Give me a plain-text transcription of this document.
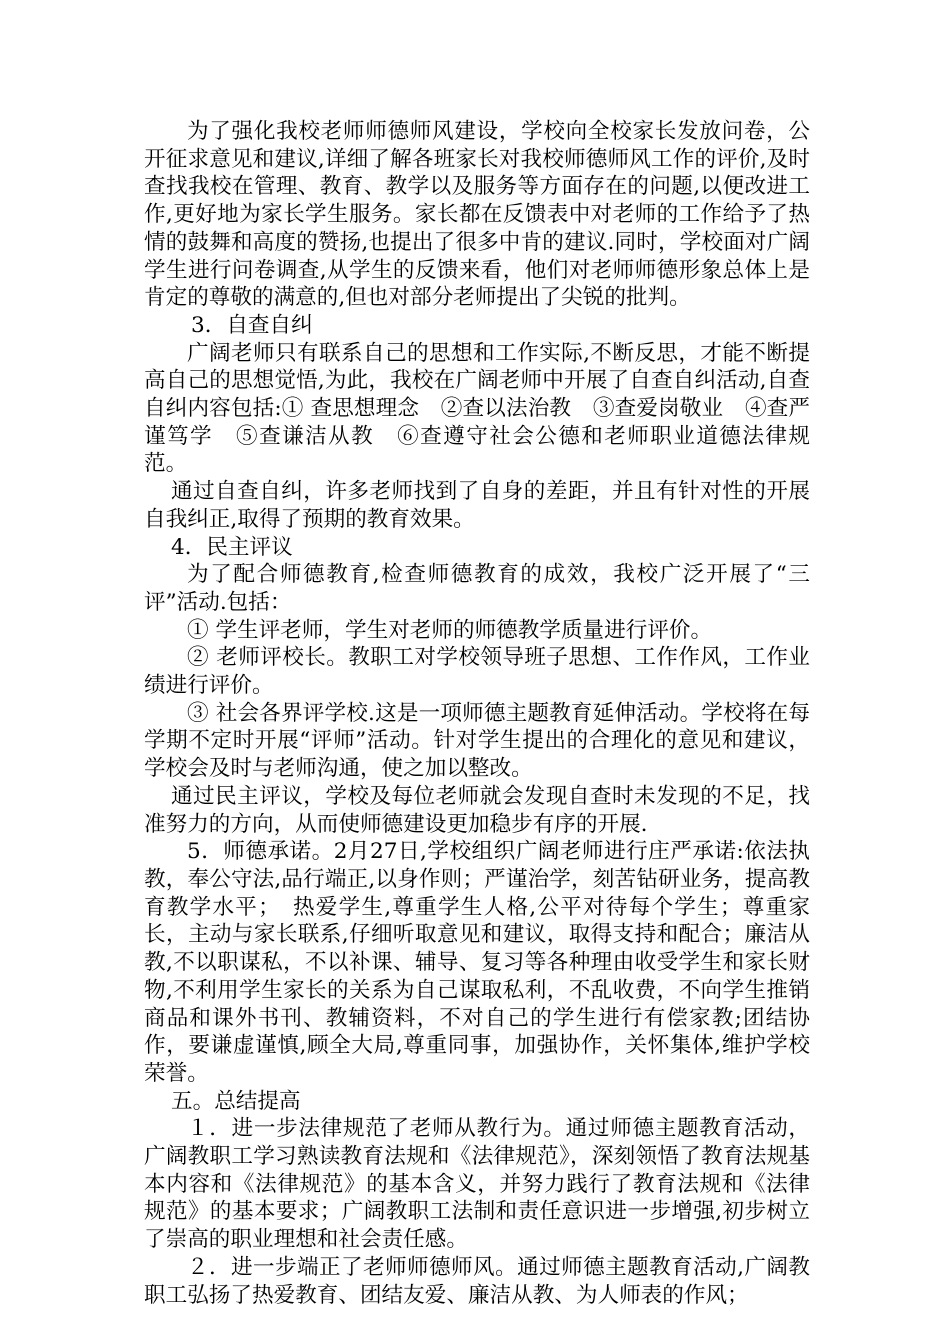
为了强化我校老师师德师风建设，学校向全校家长发放问卷，公开征求意见和建议,详细了解各班家长对我校师德师风工作的评价,及时查找我校在管理、教育、教学以及服务等方面存在的问题,以便改进工作,更好地为家长学生服务。家长都在反馈表中对老师的工作给予了热情的鼓舞和高度的赞扬,也提出了很多中肯的建议.同时，学校面对广阔学生进行问卷调查,从学生的反馈来看，他们对老师师德形象总体上是肯定的尊敬的满意的,但也对部分老师提出了尖锐的批判。

3．自查自纠

广阔老师只有联系自己的思想和工作实际,不断反思，才能不断提高自己的思想觉悟,为此，我校在广阔老师中开展了自查自纠活动,自查自纠内容包括:① 查思想理念　②查以法治教　③查爱岗敬业　④查严谨笃学　⑤查谦洁从教　⑥查遵守社会公德和老师职业道德法律规范。

通过自查自纠，许多老师找到了自身的差距，并且有针对性的开展自我纠正,取得了预期的教育效果。

4．民主评议

为了配合师德教育,检查师德教育的成效，我校广泛开展了“三评”活动.包括：

① 学生评老师，学生对老师的师德教学质量进行评价。

② 老师评校长。教职工对学校领导班子思想、工作作风，工作业绩进行评价。

③ 社会各界评学校.这是一项师德主题教育延伸活动。学校将在每学期不定时开展“评师”活动。针对学生提出的合理化的意见和建议，学校会及时与老师沟通，使之加以整改。

通过民主评议，学校及每位老师就会发现自查时未发现的不足，找准努力的方向，从而使师德建设更加稳步有序的开展.

5．师德承诺。2月27日,学校组织广阔老师进行庄严承诺:依法执教，奉公守法,品行端正,以身作则；严谨治学，刻苦钻研业务，提高教育教学水平；　热爱学生,尊重学生人格,公平对待每个学生；尊重家长，主动与家长联系,仔细听取意见和建议，取得支持和配合；廉洁从教,不以职谋私，不以补课、辅导、复习等各种理由收受学生和家长财物,不利用学生家长的关系为自己谋取私利，不乱收费，不向学生推销商品和课外书刊、教辅资料，不对自己的学生进行有偿家教;团结协作，要谦虚谨慎,顾全大局,尊重同事，加强协作，关怀集体,维护学校荣誉。

五。总结提高

１．进一步法律规范了老师从教行为。通过师德主题教育活动，广阔教职工学习熟读教育法规和《法律规范》，深刻领悟了教育法规基本内容和《法律规范》的基本含义，并努力践行了教育法规和《法律规范》的基本要求；广阔教职工法制和责任意识进一步增强,初步树立了崇高的职业理想和社会责任感。

２．进一步端正了老师师德师风。通过师德主题教育活动,广阔教职工弘扬了热爱教育、团结友爱、廉洁从教、为人师表的作风；
